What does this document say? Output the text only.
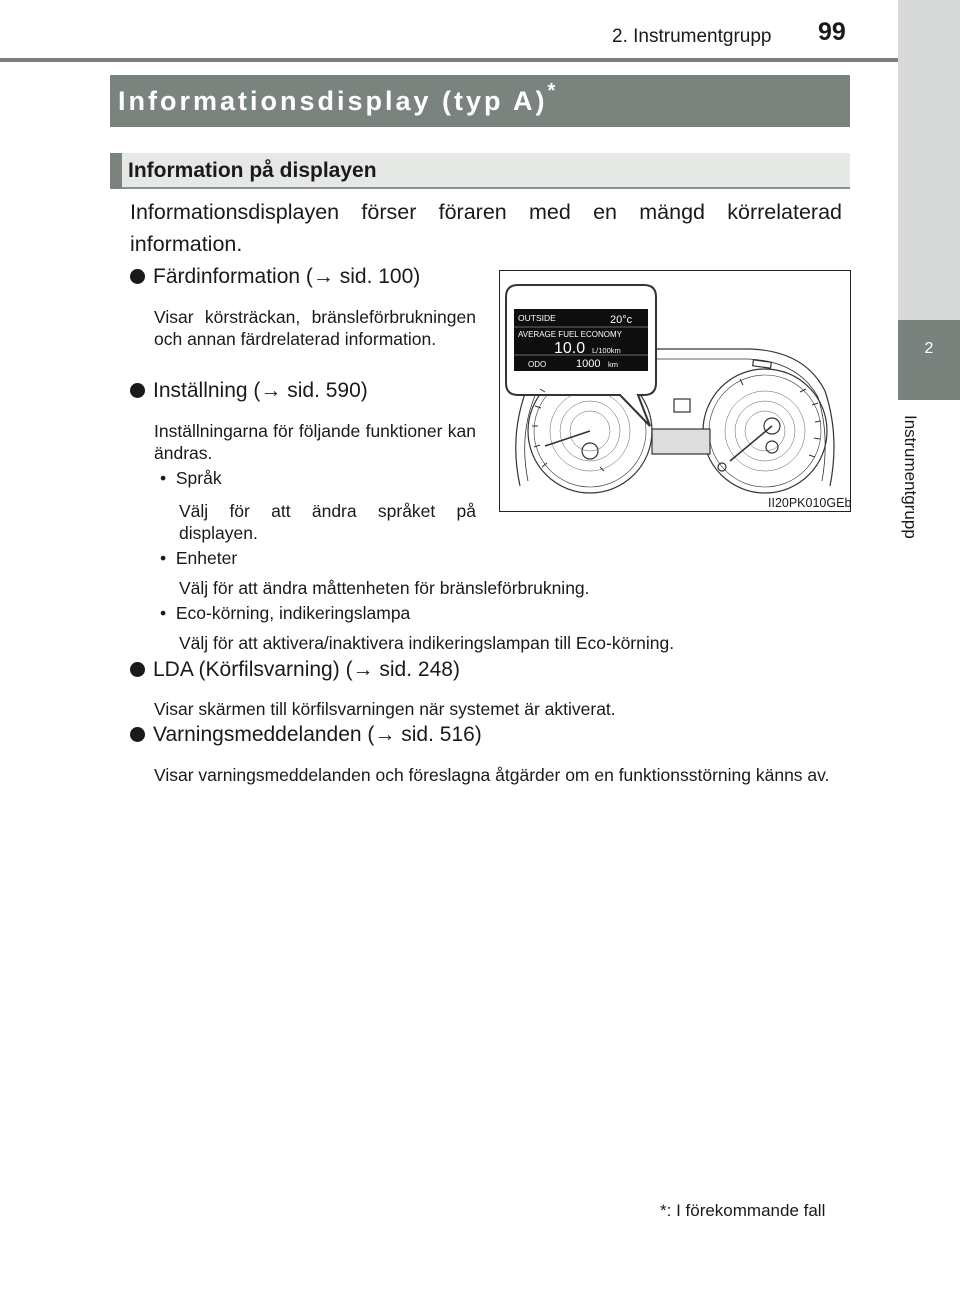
2. Instrumentgrupp 99
2
Instrumentgrupp
Informationsdisplay (typ A)*
Information på displayen
Informationsdisplayen förser föraren med en mängd körrelaterad information.
Färdinformation (→ sid. 100)
Visar körsträckan, bränsleförbrukningen och annan färdrelaterad information.
Inställning (→ sid. 590)
Inställningarna för följande funktioner kan ändras.
•  Språk
Välj för att ändra språket på displayen.
•  Enheter
Välj för att ändra måttenheten för bränsleförbrukning.
•  Eco-körning, indikeringslampa
Välj för att aktivera/inaktivera indikeringslampan till Eco-körning.
LDA (Körfilsvarning) (→ sid. 248)
Visar skärmen till körfilsvarningen när systemet är aktiverat.
Varningsmeddelanden (→ sid. 516)
Visar varningsmeddelanden och föreslagna åtgärder om en funktionsstörning känns av.
OUTSIDE	20°c
AVERAGE FUEL ECONOMY
10.0 L/100km
ODO	1000 km
II20PK010GEb
*: I förekommande fall
